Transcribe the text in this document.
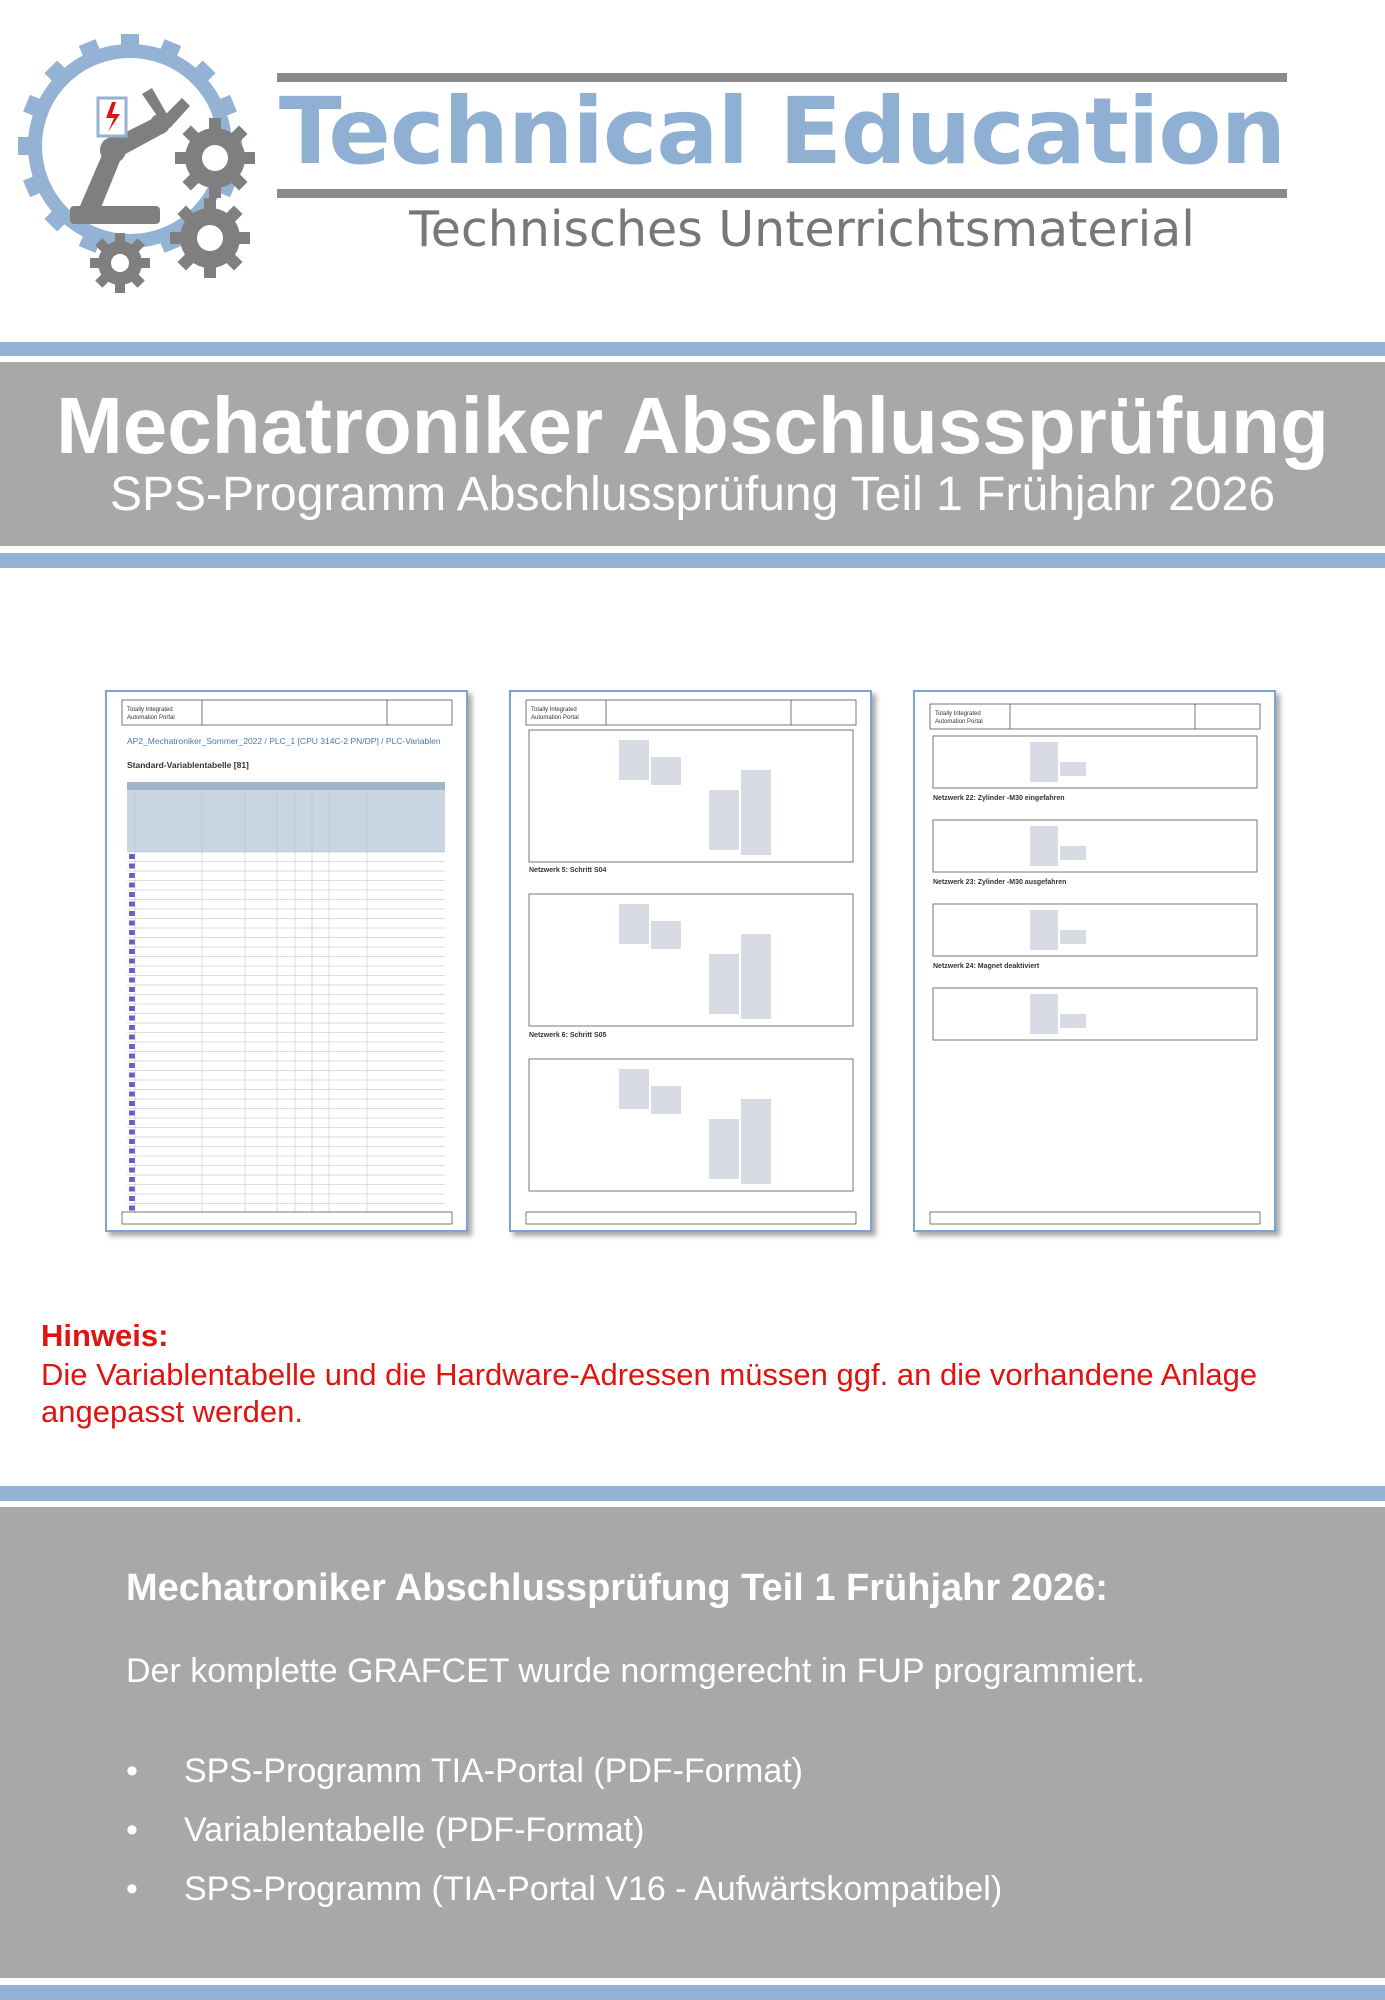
Technical Education
Technisches Unterrichtsmaterial
Mechatroniker Abschlussprüfung
SPS-Programm Abschlussprüfung Teil 1 Frühjahr 2026
Totally Integrated
Automation Portal
AP2_Mechatroniker_Sommer_2022 / PLC_1 [CPU 314C-2 PN/DP] / PLC-Variablen
Standard-Variablentabelle [81]
Totally Integrated
Automation Portal
Netzwerk 5: Schritt S04
Netzwerk 6: Schritt S05
Totally Integrated
Automation Portal
Netzwerk 22: Zylinder -M30 eingefahren
Netzwerk 23: Zylinder -M30 ausgefahren
Netzwerk 24: Magnet deaktiviert
Hinweis:
Die Variablentabelle und die Hardware-Adressen müssen ggf. an die vorhandene Anlage angepasst werden.
Mechatroniker Abschlussprüfung Teil 1 Frühjahr 2026:
Der komplette GRAFCET wurde normgerecht in FUP programmiert.
• SPS-Programm TIA-Portal (PDF-Format)
• Variablentabelle (PDF-Format)
• SPS-Programm (TIA-Portal V16 - Aufwärtskompatibel)
